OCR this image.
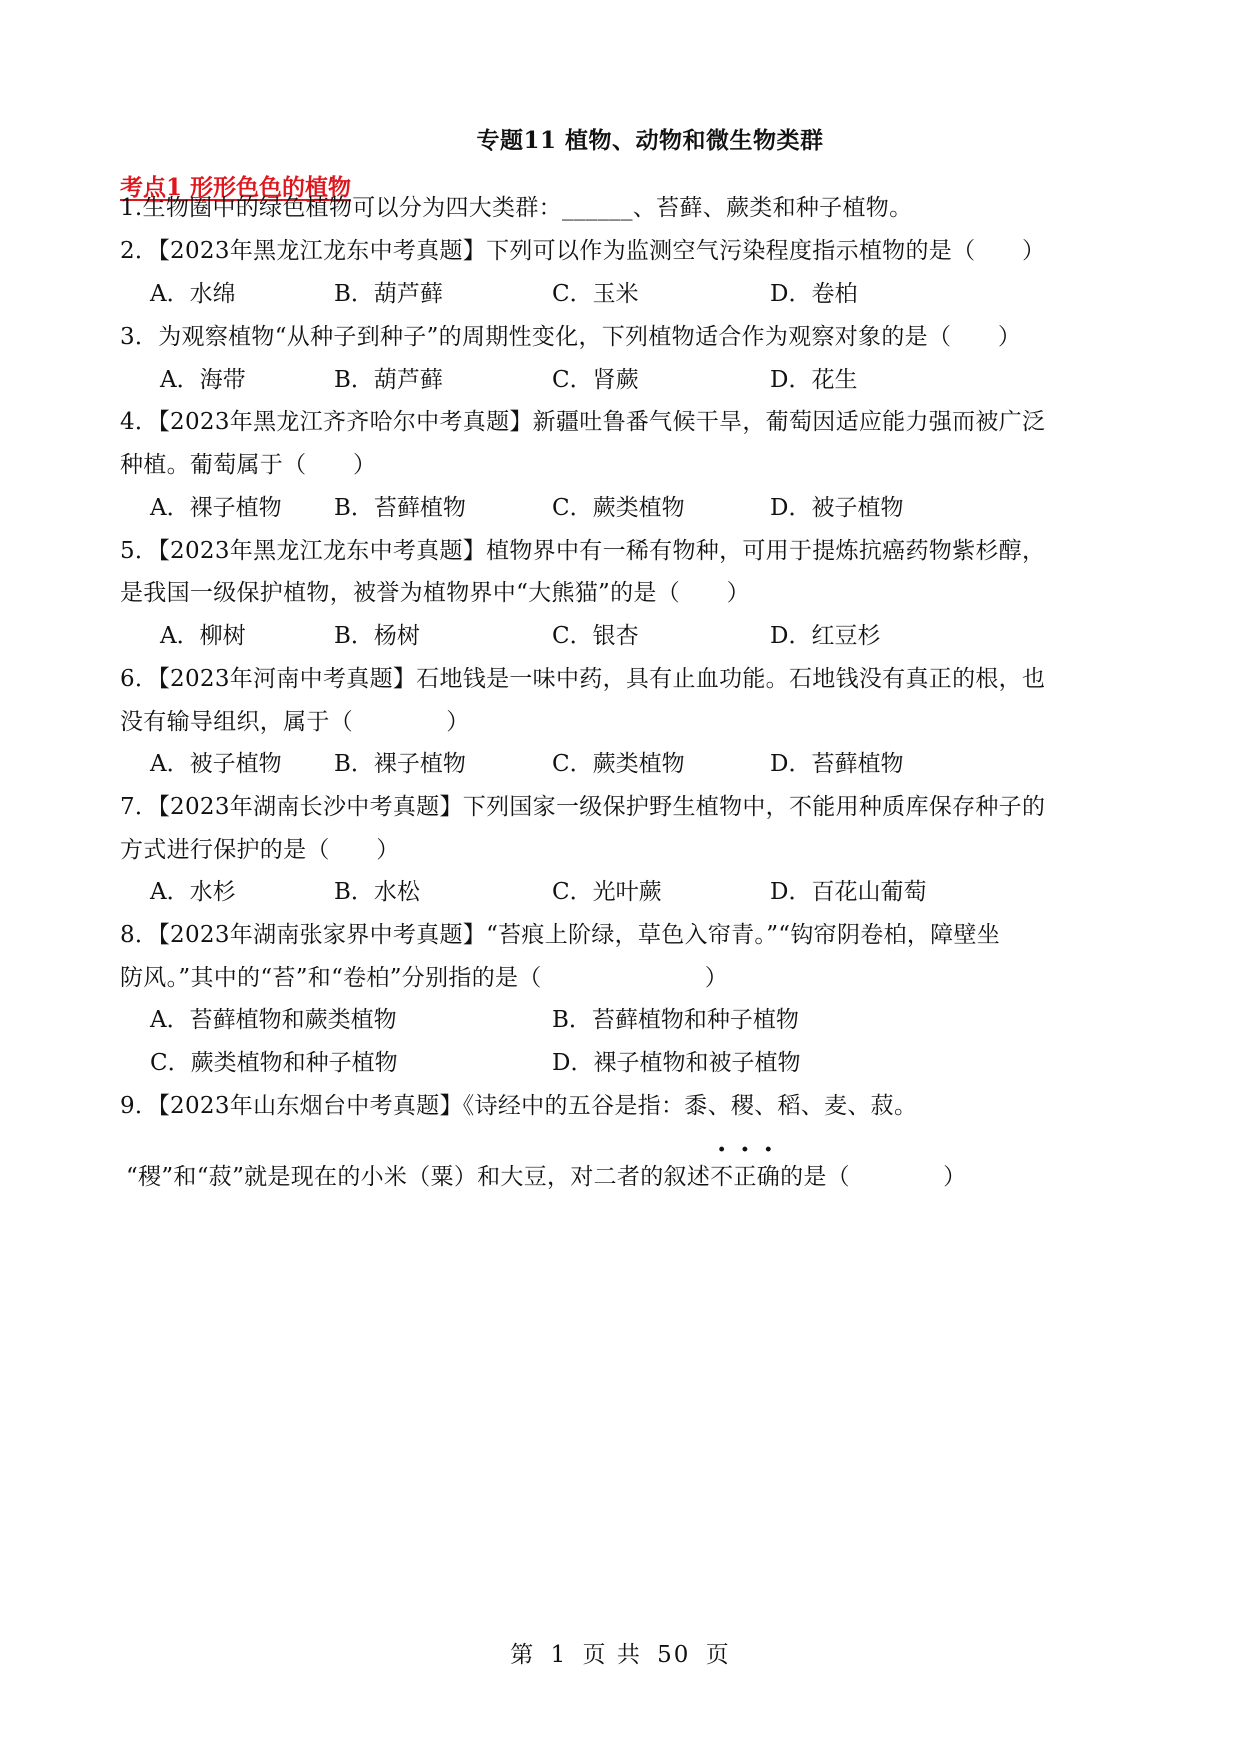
专题11 植物、动物和微生物类群
考点1 形形色色的植物
1.生物圈中的绿色植物可以分为四大类群：______、苔藓、蕨类和种子植物。
2．【2023年黑龙江龙东中考真题】下列可以作为监测空气污染程度指示植物的是（　　）
A．水绵	B．葫芦藓	C．玉米	D．卷柏
3．为观察植物“从种子到种子”的周期性变化，下列植物适合作为观察对象的是（　　）
A．海带	B．葫芦藓	C．肾蕨	D．花生
4．【2023年黑龙江齐齐哈尔中考真题】新疆吐鲁番气候干旱，葡萄因适应能力强而被广泛
种植。葡萄属于（　　）
A．裸子植物 B．苔藓植物	C．蕨类植物	D．被子植物
5．【2023年黑龙江龙东中考真题】植物界中有一稀有物种，可用于提炼抗癌药物紫杉醇，
是我国一级保护植物，被誉为植物界中“大熊猫”的是（　　）
A．柳树	B．杨树	C．银杏	D．红豆杉
6．【2023年河南中考真题】石地钱是一味中药，具有止血功能。石地钱没有真正的根，也
没有输导组织，属于（　　　　）
A．被子植物 B．裸子植物	C．蕨类植物	D．苔藓植物
7．【2023年湖南长沙中考真题】下列国家一级保护野生植物中，不能用种质库保存种子的
方式进行保护的是（　　）
A．水杉	B．水松	C．光叶蕨	D．百花山葡萄
8．【2023年湖南张家界中考真题】“苔痕上阶绿，草色入帘青。”“钩帘阴卷柏，障壁坐
防风。”其中的“苔”和“卷柏”分别指的是（　　　　　　　）
A．苔藓植物和蕨类植物	B．苔藓植物和种子植物
C．蕨类植物和种子植物	D．裸子植物和被子植物
9．【2023年山东烟台中考真题】《诗经中的五谷是指：黍、稷、稻、麦、菽。
“稷”和“菽”就是现在的小米（粟）和大豆，对二者的叙述不正确的是（　　　　）
第 1 页 共 50 页
